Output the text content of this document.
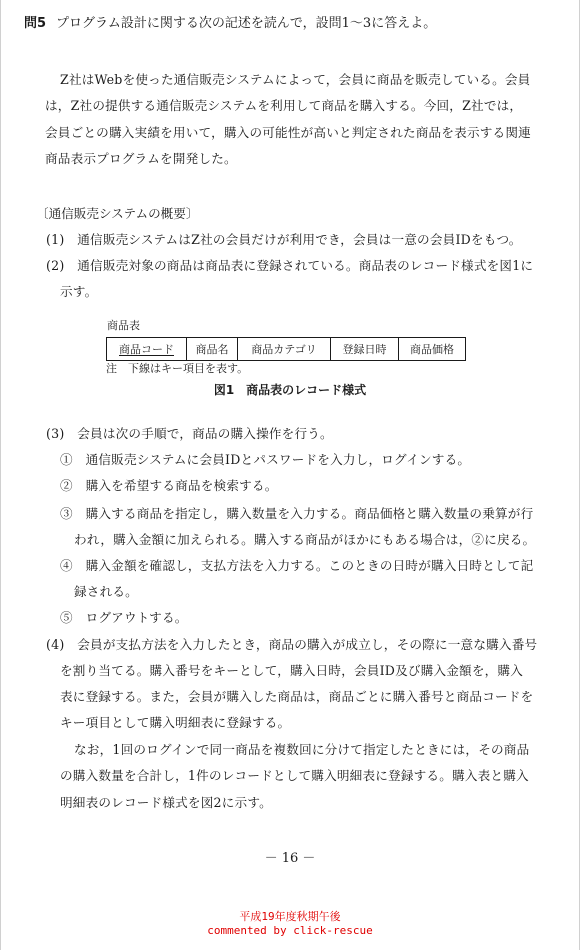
問5 プログラム設計に関する次の記述を読んで，設問1～3に答えよ。
Z社はWebを使った通信販売システムによって，会員に商品を販売している。会員
は，Z社の提供する通信販売システムを利用して商品を購入する。今回，Z社では，
会員ごとの購入実績を用いて，購入の可能性が高いと判定された商品を表示する関連
商品表示プログラムを開発した。
〔通信販売システムの概要〕
(1)　通信販売システムはZ社の会員だけが利用でき，会員は一意の会員IDをもつ。
(2)　通信販売対象の商品は商品表に登録されている。商品表のレコード様式を図1に
示す。
商品表
商品コード	商品名	商品カテゴリ	登録日時	商品価格
注　下線はキー項目を表す。
図1　商品表のレコード様式
(3)　会員は次の手順で，商品の購入操作を行う。
①　通信販売システムに会員IDとパスワードを入力し，ログインする。
②　購入を希望する商品を検索する。
③　購入する商品を指定し，購入数量を入力する。商品価格と購入数量の乗算が行
われ，購入金額に加えられる。購入する商品がほかにもある場合は，②に戻る。
④　購入金額を確認し，支払方法を入力する。このときの日時が購入日時として記
録される。
⑤　ログアウトする。
(4)　会員が支払方法を入力したとき，商品の購入が成立し，その際に一意な購入番号
を割り当てる。購入番号をキーとして，購入日時，会員ID及び購入金額を，購入
表に登録する。また，会員が購入した商品は，商品ごとに購入番号と商品コードを
キー項目として購入明細表に登録する。
なお，1回のログインで同一商品を複数回に分けて指定したときには，その商品
の購入数量を合計し，1件のレコードとして購入明細表に登録する。購入表と購入
明細表のレコード様式を図2に示す。
－ 16 －
平成19年度秋期午後
commented by click-rescue
